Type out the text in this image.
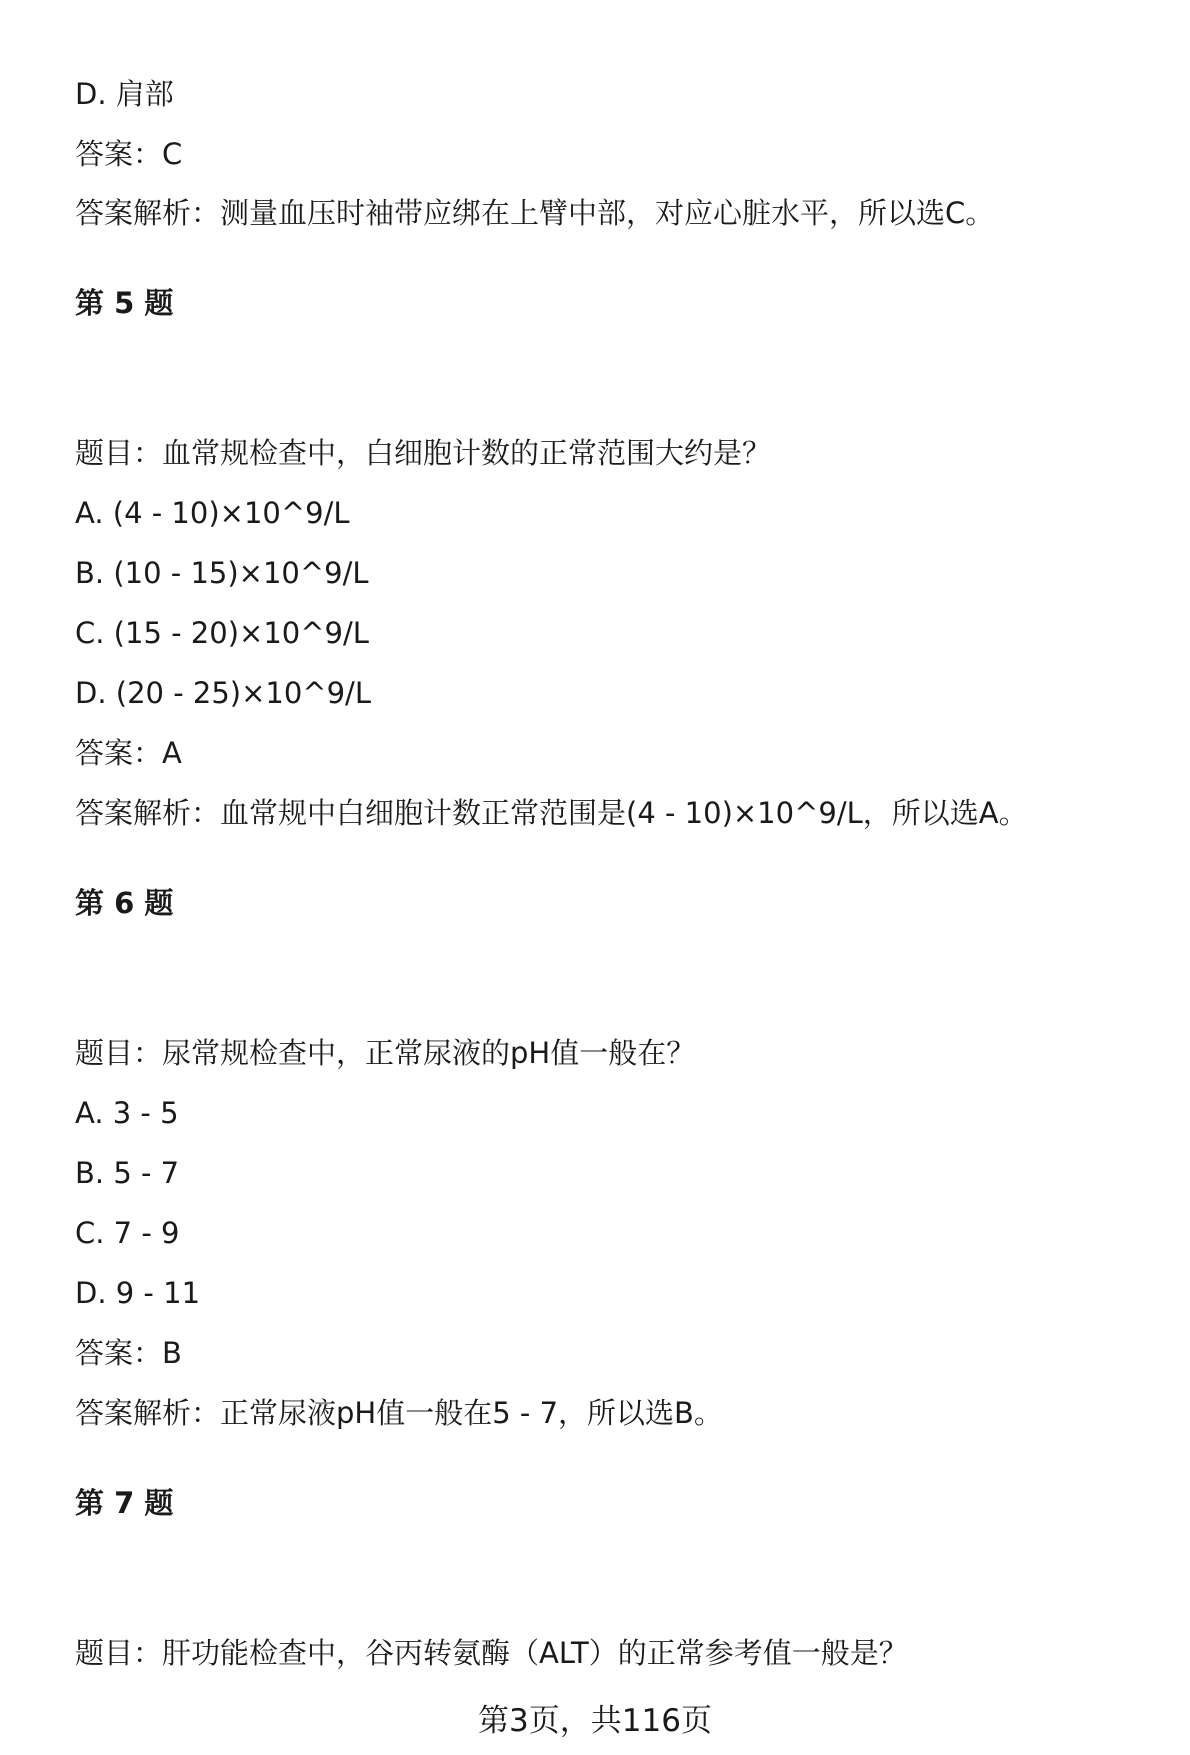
D. 肩部
答案：C
答案解析：测量血压时袖带应绑在上臂中部，对应心脏水平，所以选C。
第 5 题
题目：血常规检查中，白细胞计数的正常范围大约是？
A. (4 - 10)×10^9/L
B. (10 - 15)×10^9/L
C. (15 - 20)×10^9/L
D. (20 - 25)×10^9/L
答案：A
答案解析：血常规中白细胞计数正常范围是(4 - 10)×10^9/L，所以选A。
第 6 题
题目：尿常规检查中，正常尿液的pH值一般在？
A. 3 - 5
B. 5 - 7
C. 7 - 9
D. 9 - 11
答案：B
答案解析：正常尿液pH值一般在5 - 7，所以选B。
第 7 题
题目：肝功能检查中，谷丙转氨酶（ALT）的正常参考值一般是？
第3页，共116页
